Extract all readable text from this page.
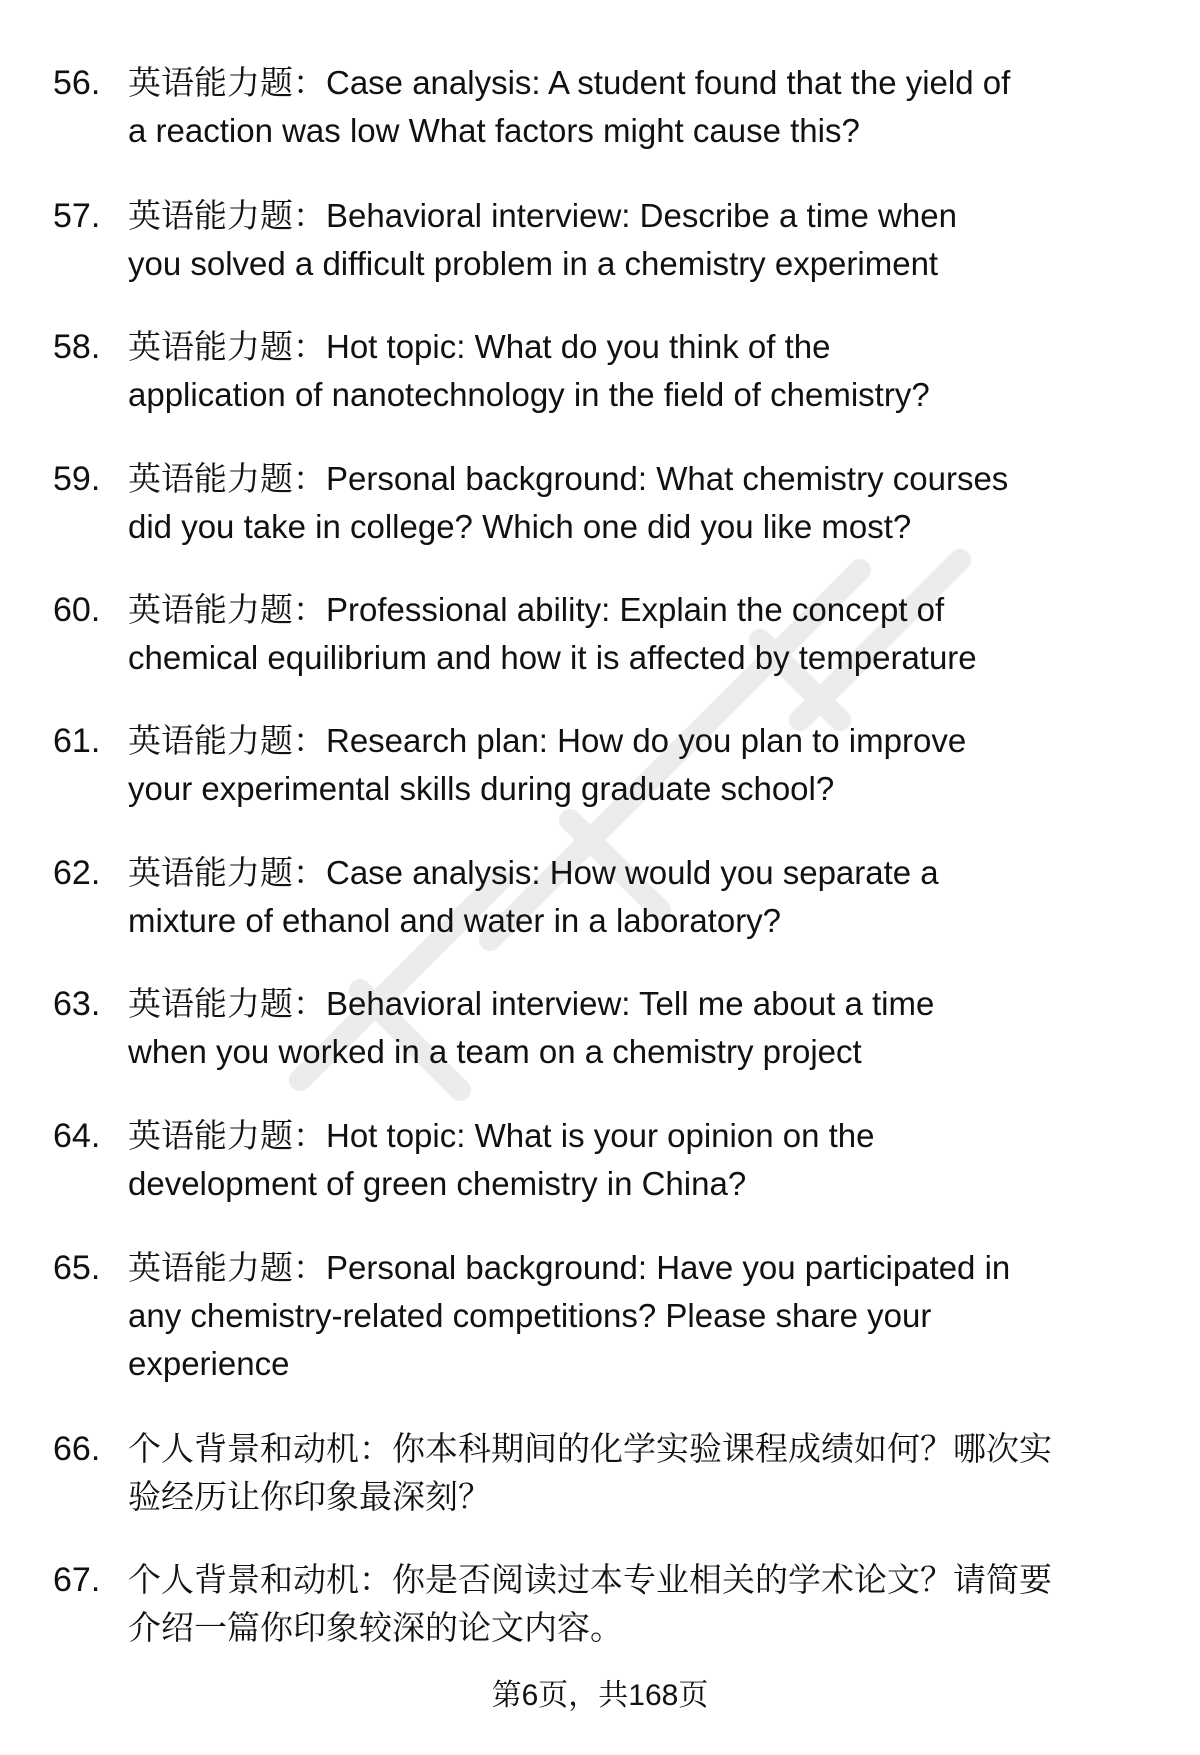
56. 英语能力题：Case analysis: A student found that the yield of
a reaction was low What factors might cause this?
57. 英语能力题：Behavioral interview: Describe a time when
you solved a difficult problem in a chemistry experiment
58. 英语能力题：Hot topic: What do you think of the
application of nanotechnology in the field of chemistry?
59. 英语能力题：Personal background: What chemistry courses
did you take in college? Which one did you like most?
60. 英语能力题：Professional ability: Explain the concept of
chemical equilibrium and how it is affected by temperature
61. 英语能力题：Research plan: How do you plan to improve
your experimental skills during graduate school?
62. 英语能力题：Case analysis: How would you separate a
mixture of ethanol and water in a laboratory?
63. 英语能力题：Behavioral interview: Tell me about a time
when you worked in a team on a chemistry project
64. 英语能力题：Hot topic: What is your opinion on the
development of green chemistry in China?
65. 英语能力题：Personal background: Have you participated in
any chemistry-related competitions? Please share your
experience
66. 个人背景和动机：你本科期间的化学实验课程成绩如何？哪次实
验经历让你印象最深刻？
67. 个人背景和动机：你是否阅读过本专业相关的学术论文？请简要
介绍一篇你印象较深的论文内容。
第6页，共168页
